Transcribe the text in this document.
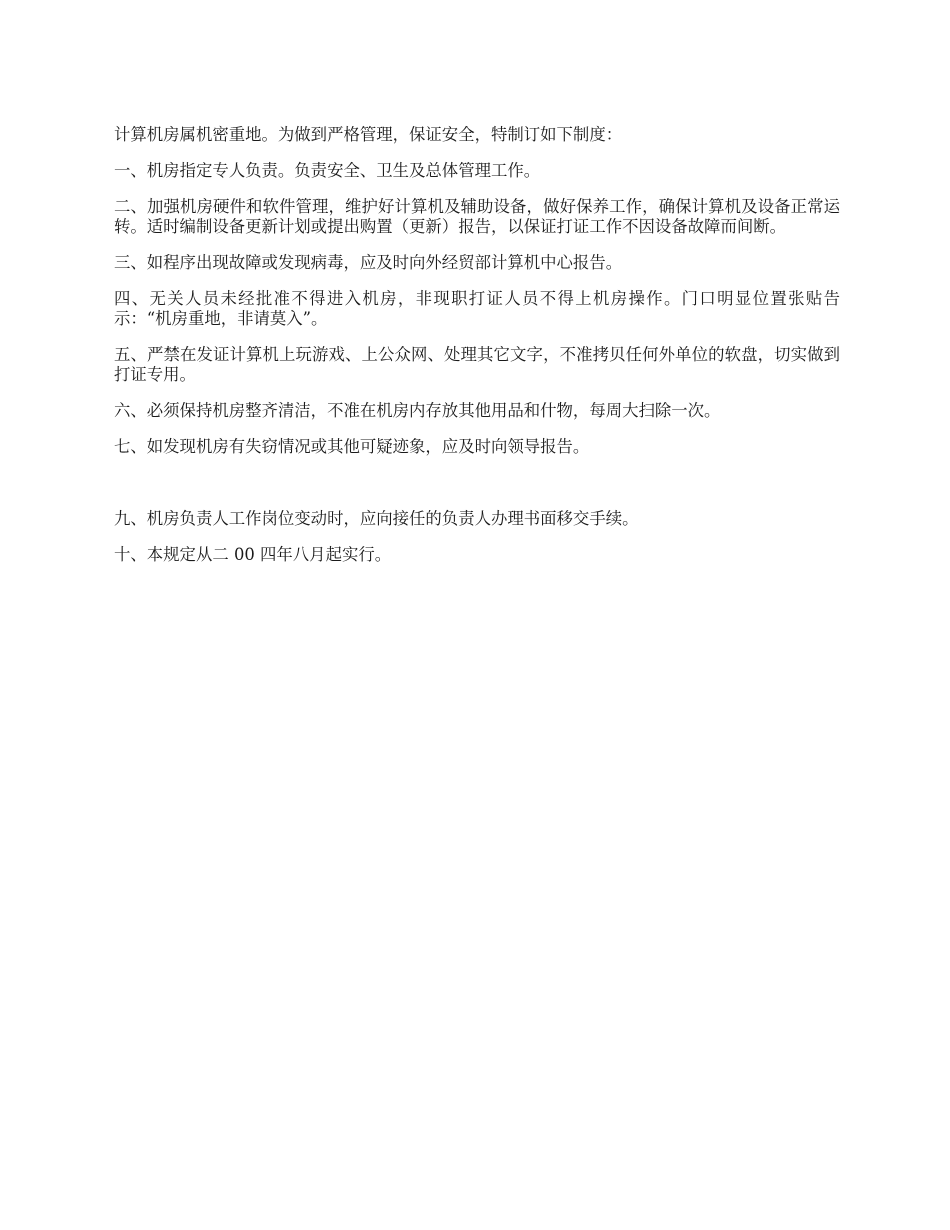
计算机房属机密重地。为做到严格管理，保证安全，特制订如下制度：

一、机房指定专人负责。负责安全、卫生及总体管理工作。

二、加强机房硬件和软件管理，维护好计算机及辅助设备，做好保养工作，确保计算机及设备正常运转。适时编制设备更新计划或提出购置（更新）报告，以保证打证工作不因设备故障而间断。

三、如程序出现故障或发现病毒，应及时向外经贸部计算机中心报告。

四、无关人员未经批准不得进入机房，非现职打证人员不得上机房操作。门口明显位置张贴告示：“机房重地，非请莫入”。

五、严禁在发证计算机上玩游戏、上公众网、处理其它文字，不准拷贝任何外单位的软盘，切实做到打证专用。

六、必须保持机房整齐清洁，不准在机房内存放其他用品和什物，每周大扫除一次。

七、如发现机房有失窃情况或其他可疑迹象，应及时向领导报告。

九、机房负责人工作岗位变动时，应向接任的负责人办理书面移交手续。

十、本规定从二 00 四年八月起实行。
